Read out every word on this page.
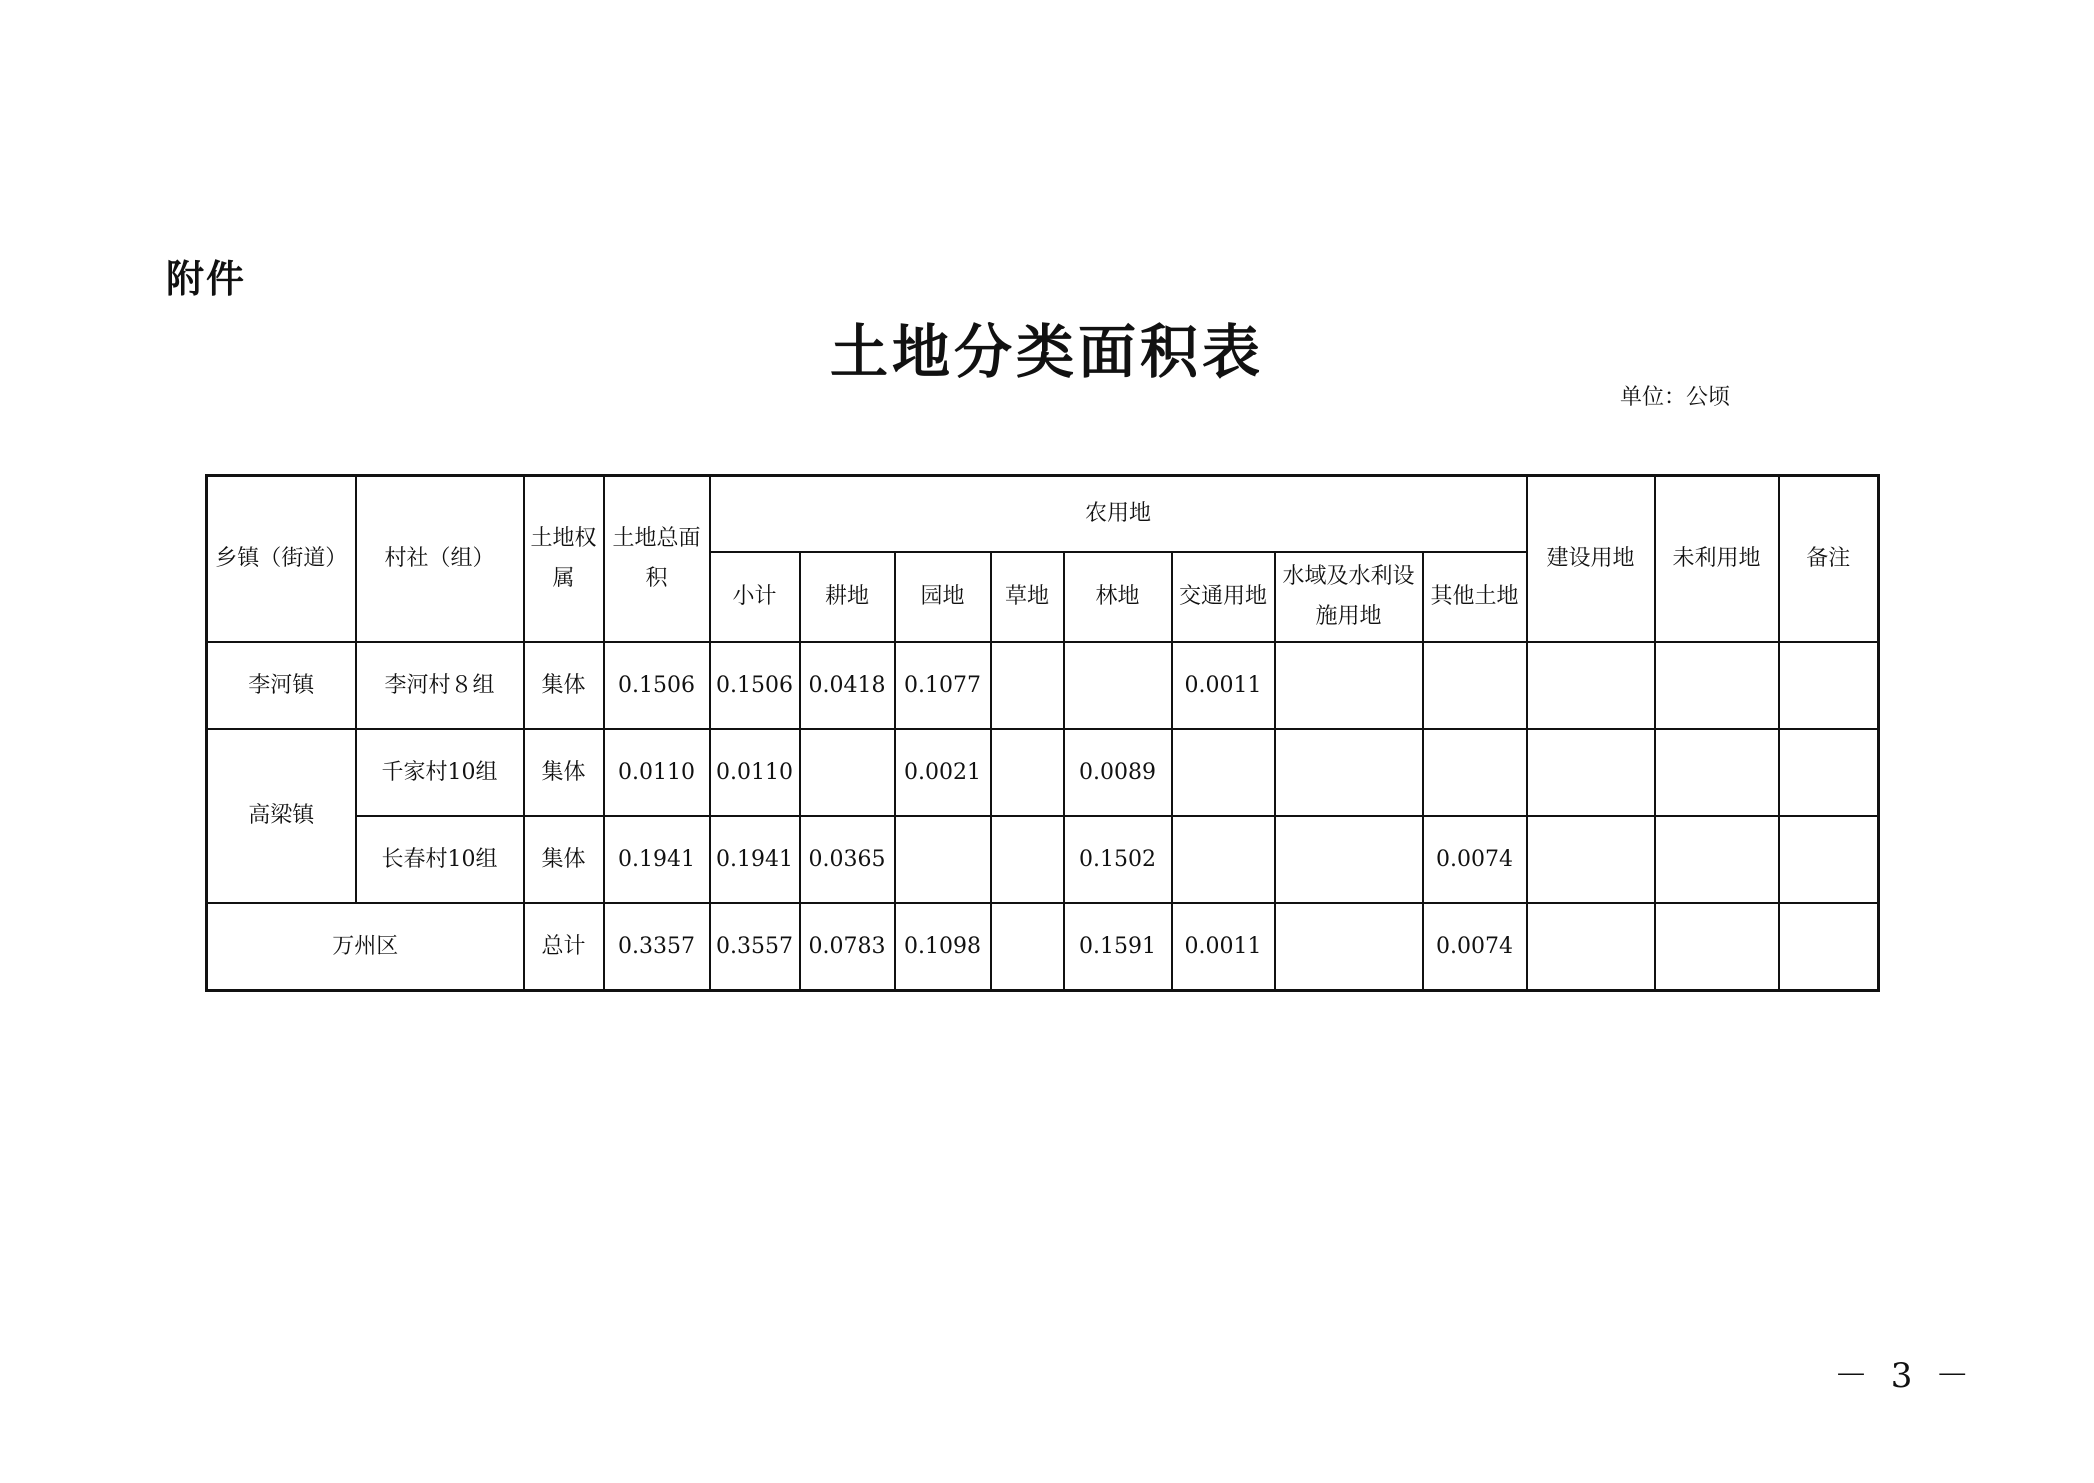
附件
土地分类面积表
单位：公顷
乡镇（街道）	村社（组）	土地权属	土地总面积	农用地								建设用地	未利用地	备注
				小计	耕地	园地	草地	林地	交通用地	水域及水利设施用地	其他土地			
李河镇	李河村８组	集体	0.1506	0.1506	0.0418	0.1077			0.0011					
高梁镇	千家村10组	集体	0.0110	0.0110		0.0021		0.0089						
	长春村10组	集体	0.1941	0.1941	0.0365			0.1502			0.0074			
万州区		总计	0.3357	0.3557	0.0783	0.1098		0.1591	0.0011		0.0074			
－ 3 －
